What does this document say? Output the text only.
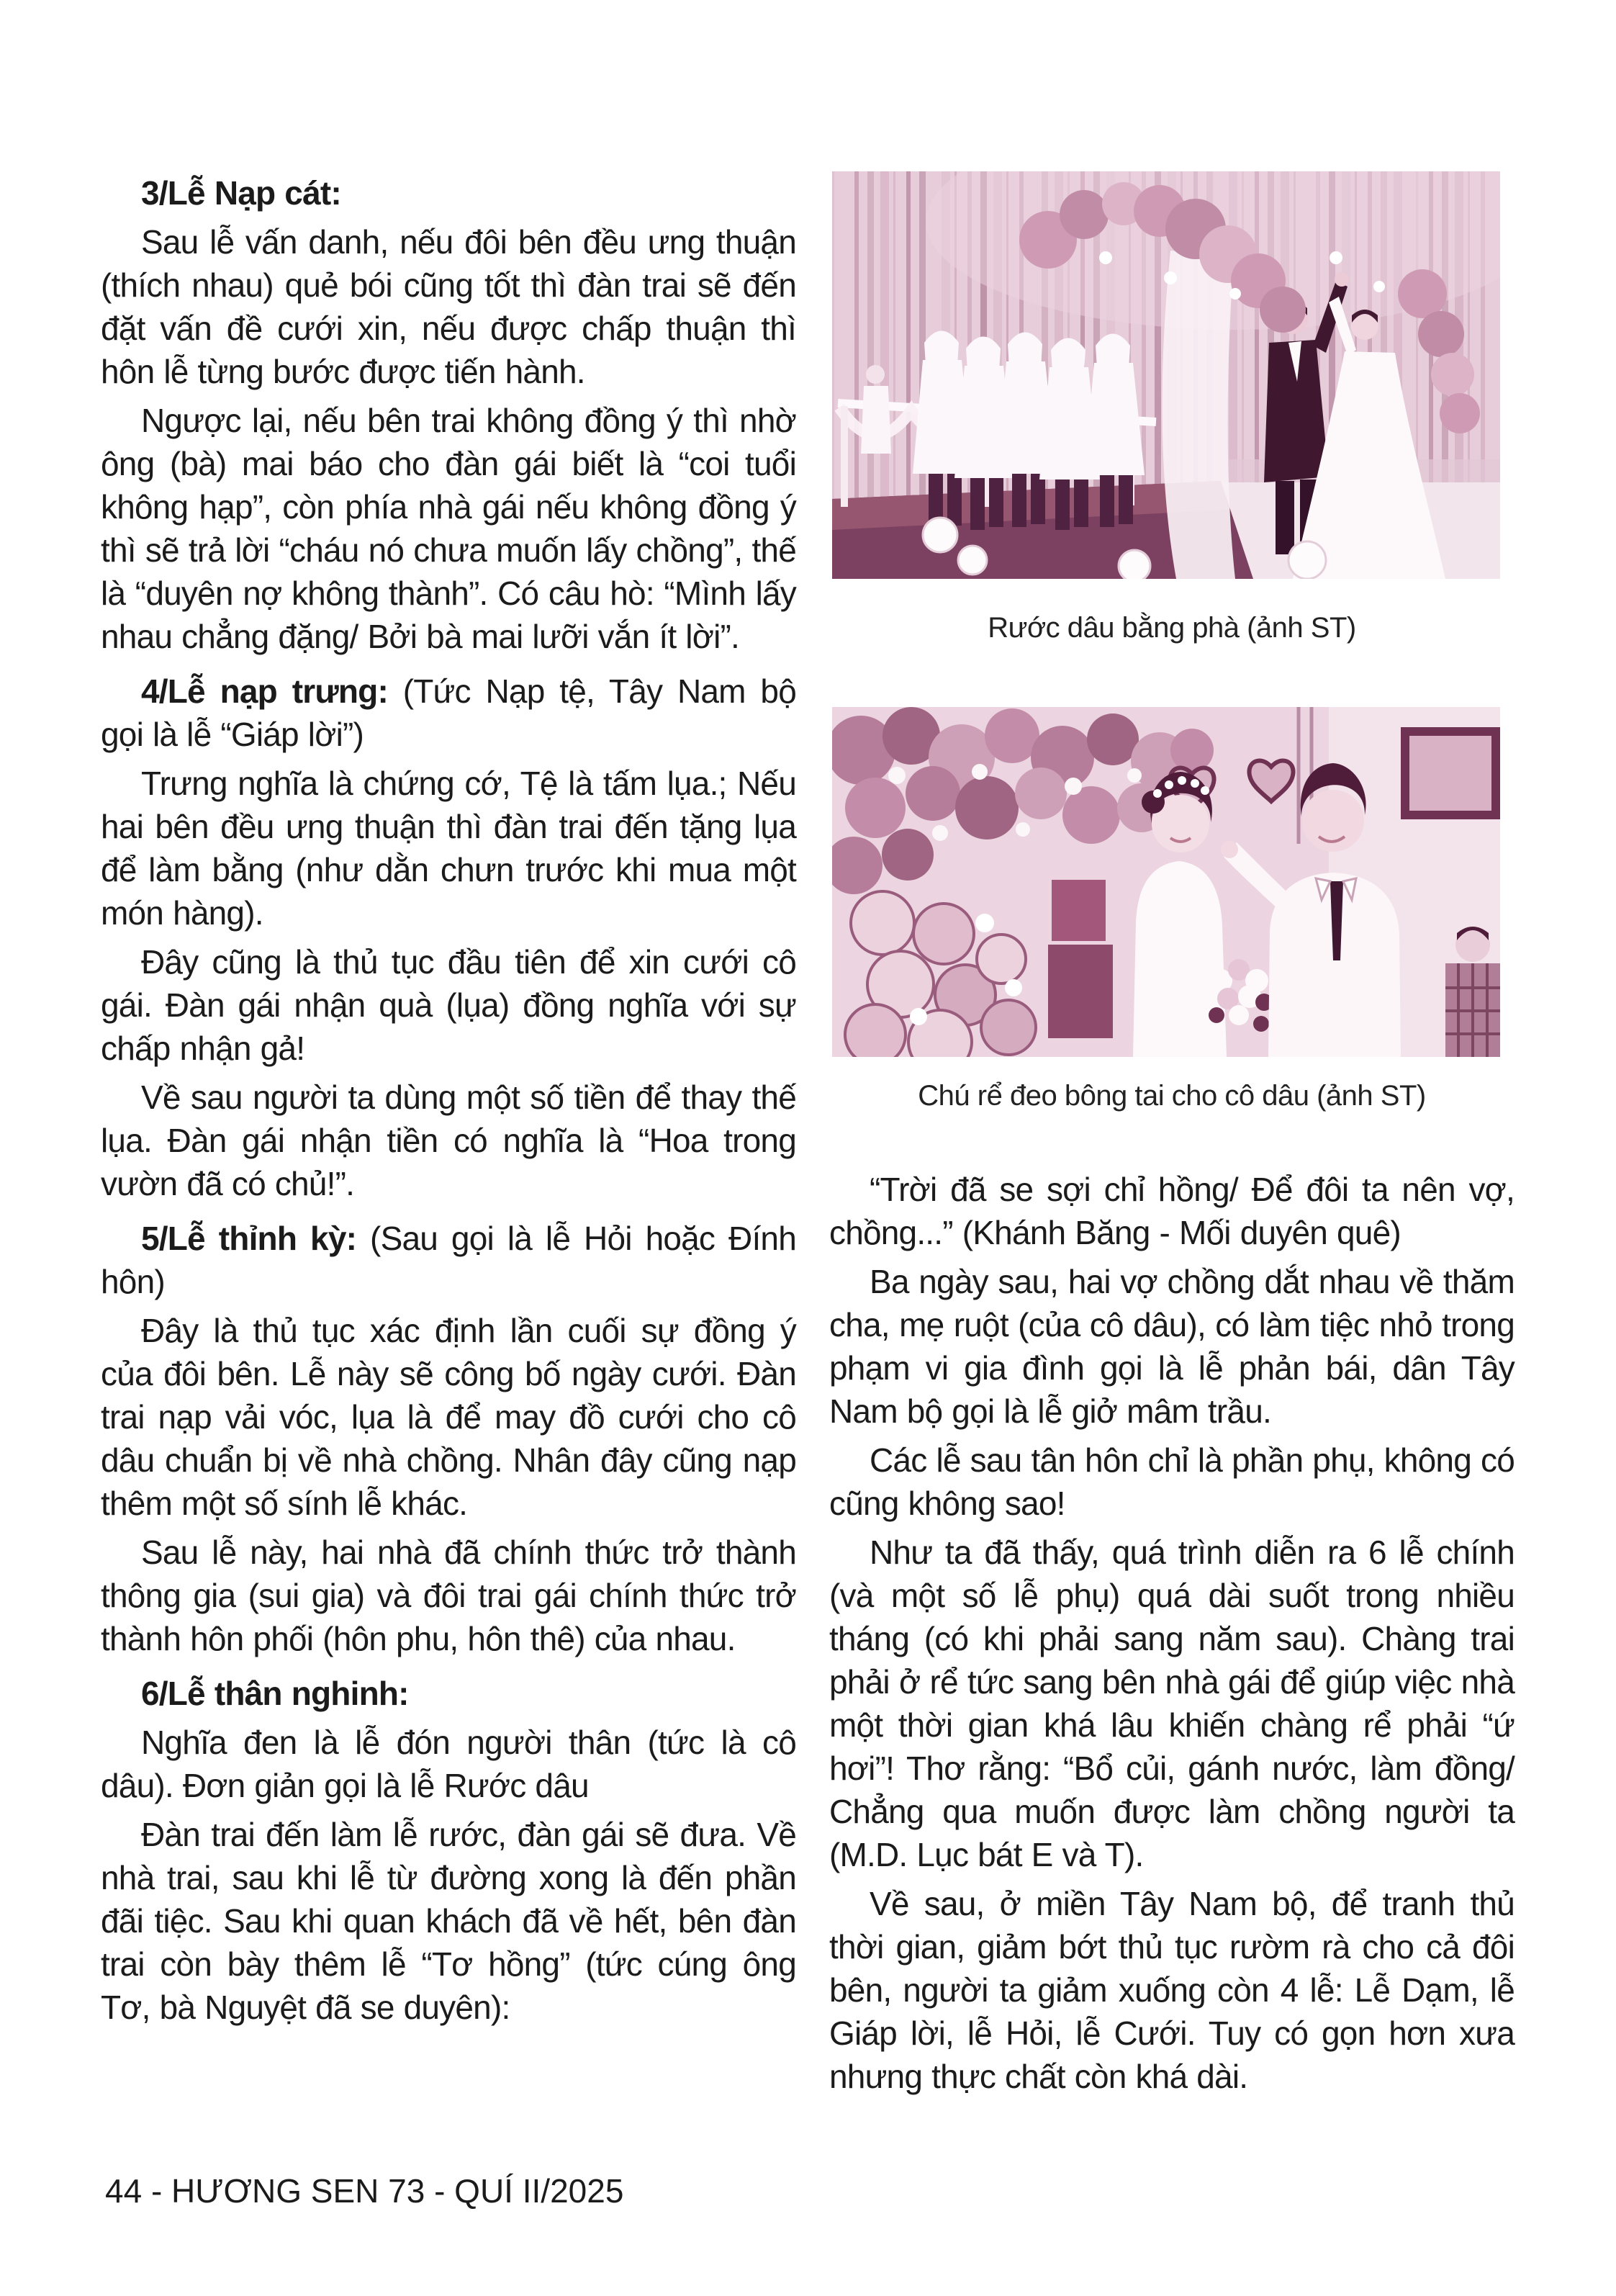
3/Lễ Nạp cát:

Sau lễ vấn danh, nếu đôi bên đều ưng thuận (thích nhau) quẻ bói cũng tốt thì đàn trai sẽ đến đặt vấn đề cưới xin, nếu được chấp thuận thì hôn lễ từng bước được tiến hành.

Ngược lại, nếu bên trai không đồng ý thì nhờ ông (bà) mai báo cho đàn gái biết là “coi tuổi không hạp”, còn phía nhà gái nếu không đồng ý thì sẽ trả lời “cháu nó chưa muốn lấy chồng”, thế là “duyên nợ không thành”. Có câu hò: “Mình lấy nhau chẳng đặng/ Bởi bà mai lưỡi vắn ít lời”.

4/Lễ nạp trưng: (Tức Nạp tệ, Tây Nam bộ gọi là lễ “Giáp lời”)

Trưng nghĩa là chứng cớ, Tệ là tấm lụa.; Nếu hai bên đều ưng thuận thì đàn trai đến tặng lụa để làm bằng (như dằn chưn trước khi mua một món hàng).

Đây cũng là thủ tục đầu tiên để xin cưới cô gái. Đàn gái nhận quà (lụa) đồng nghĩa với sự chấp nhận gả!

Về sau người ta dùng một số tiền để thay thế lụa. Đàn gái nhận tiền có nghĩa là “Hoa trong vườn đã có chủ!”.

5/Lễ thỉnh kỳ: (Sau gọi là lễ Hỏi hoặc Đính hôn)

Đây là thủ tục xác định lần cuối sự đồng ý của đôi bên. Lễ này sẽ công bố ngày cưới. Đàn trai nạp vải vóc, lụa là để may đồ cưới cho cô dâu chuẩn bị về nhà chồng. Nhân đây cũng nạp thêm một số sính lễ khác.

Sau lễ này, hai nhà đã chính thức trở thành thông gia (sui gia) và đôi trai gái chính thức trở thành hôn phối (hôn phu, hôn thê) của nhau.

6/Lễ thân nghinh:

Nghĩa đen là lễ đón người thân (tức là cô dâu). Đơn giản gọi là lễ Rước dâu

Đàn trai đến làm lễ rước, đàn gái sẽ đưa. Về nhà trai, sau khi lễ từ đường xong là đến phần đãi tiệc. Sau khi quan khách đã về hết, bên đàn trai còn bày thêm lễ “Tơ hồng” (tức cúng ông Tơ, bà Nguyệt đã se duyên):

Rước dâu bằng phà (ảnh ST)
Chú rể đeo bông tai cho cô dâu (ảnh ST)

“Trời đã se sợi chỉ hồng/ Để đôi ta nên vợ, chồng...” (Khánh Băng - Mối duyên quê)

Ba ngày sau, hai vợ chồng dắt nhau về thăm cha, mẹ ruột (của cô dâu), có làm tiệc nhỏ trong phạm vi gia đình gọi là lễ phản bái, dân Tây Nam bộ gọi là lễ giở mâm trầu.

Các lễ sau tân hôn chỉ là phần phụ, không có cũng không sao!

Như ta đã thấy, quá trình diễn ra 6 lễ chính (và một số lễ phụ) quá dài suốt trong nhiều tháng (có khi phải sang năm sau). Chàng trai phải ở rể tức sang bên nhà gái để giúp việc nhà một thời gian khá lâu khiến chàng rể phải “ứ hơi”! Thơ rằng: “Bổ củi, gánh nước, làm đồng/ Chẳng qua muốn được làm chồng người ta (M.D. Lục bát E và T).

Về sau, ở miền Tây Nam bộ, để tranh thủ thời gian, giảm bớt thủ tục rườm rà cho cả đôi bên, người ta giảm xuống còn 4 lễ: Lễ Dạm, lễ Giáp lời, lễ Hỏi, lễ Cưới. Tuy có gọn hơn xưa nhưng thực chất còn khá dài.

44 - HƯƠNG SEN 73 - QUÍ II/2025
